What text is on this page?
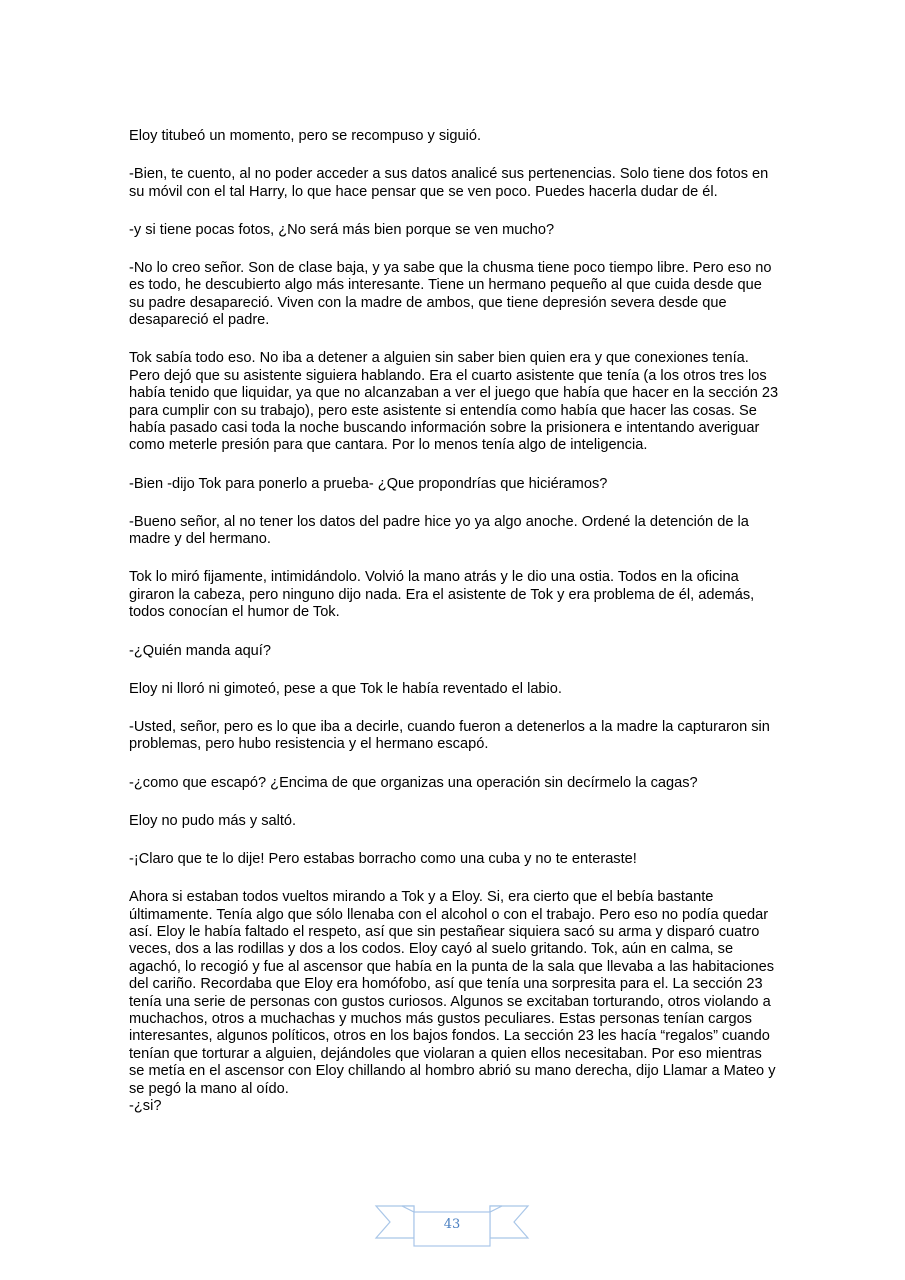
Eloy titubeó un momento, pero se recompuso y siguió.

-Bien, te cuento, al no poder acceder a sus datos analicé sus pertenencias. Solo tiene dos fotos en su móvil con el tal Harry, lo que hace pensar que se ven poco. Puedes hacerla dudar de él.

-y si tiene pocas fotos, ¿No será más bien porque se ven mucho?

-No lo creo señor. Son de clase baja, y ya sabe que la chusma tiene poco tiempo libre. Pero eso no es todo, he descubierto algo más interesante. Tiene un hermano pequeño al que cuida desde que su padre desapareció. Viven con la madre de ambos, que tiene depresión severa desde que desapareció el padre.

Tok sabía todo eso. No iba a detener a alguien sin saber bien quien era y que conexiones tenía. Pero dejó que su asistente siguiera hablando. Era el cuarto asistente que tenía (a los otros tres los había tenido que liquidar, ya que no alcanzaban a ver el juego que había que hacer en la sección 23 para cumplir con su trabajo), pero este asistente si entendía como había que hacer las cosas. Se había pasado casi toda la noche buscando información sobre la prisionera e intentando averiguar como meterle presión para que cantara. Por lo menos tenía algo de inteligencia.

-Bien -dijo Tok para ponerlo a prueba- ¿Que propondrías que hiciéramos?

-Bueno señor, al no tener los datos del padre hice yo ya algo anoche. Ordené la detención de la madre y del hermano.

Tok lo miró fijamente, intimidándolo. Volvió la mano atrás y le dio una ostia. Todos en la oficina giraron la cabeza, pero ninguno dijo nada. Era el asistente de Tok y era problema de él, además, todos conocían el humor de Tok.

-¿Quién manda aquí?

Eloy ni lloró ni gimoteó, pese a que Tok le había reventado el labio.

-Usted, señor, pero es lo que iba a decirle, cuando fueron a detenerlos a la madre la capturaron sin problemas, pero hubo resistencia y el hermano escapó.

-¿como que escapó? ¿Encima de que organizas una operación sin decírmelo la cagas?

Eloy no pudo más y saltó.

-¡Claro que te lo dije! Pero estabas borracho como una cuba y no te enteraste!

Ahora si estaban todos vueltos mirando a Tok y a Eloy. Si, era cierto que el bebía bastante últimamente. Tenía algo que sólo llenaba con el alcohol o con el trabajo. Pero eso no podía quedar así. Eloy le había faltado el respeto, así que sin pestañear siquiera sacó su arma y disparó cuatro veces, dos a las rodillas y dos a los codos. Eloy cayó al suelo gritando. Tok, aún en calma, se agachó, lo recogió y fue al ascensor que había en la punta de la sala que llevaba a las habitaciones del cariño. Recordaba que Eloy era homófobo, así que tenía una sorpresita para el. La sección 23 tenía una serie de personas con gustos curiosos. Algunos se excitaban torturando, otros violando a muchachos, otros a muchachas y muchos más gustos peculiares. Estas personas tenían cargos interesantes, algunos políticos, otros en los bajos fondos. La sección 23 les hacía “regalos” cuando tenían que torturar a alguien, dejándoles que violaran a quien ellos necesitaban. Por eso mientras se metía en el ascensor con Eloy chillando al hombro abrió su mano derecha, dijo Llamar a Mateo y se pegó la mano al oído.

-¿si?

43
